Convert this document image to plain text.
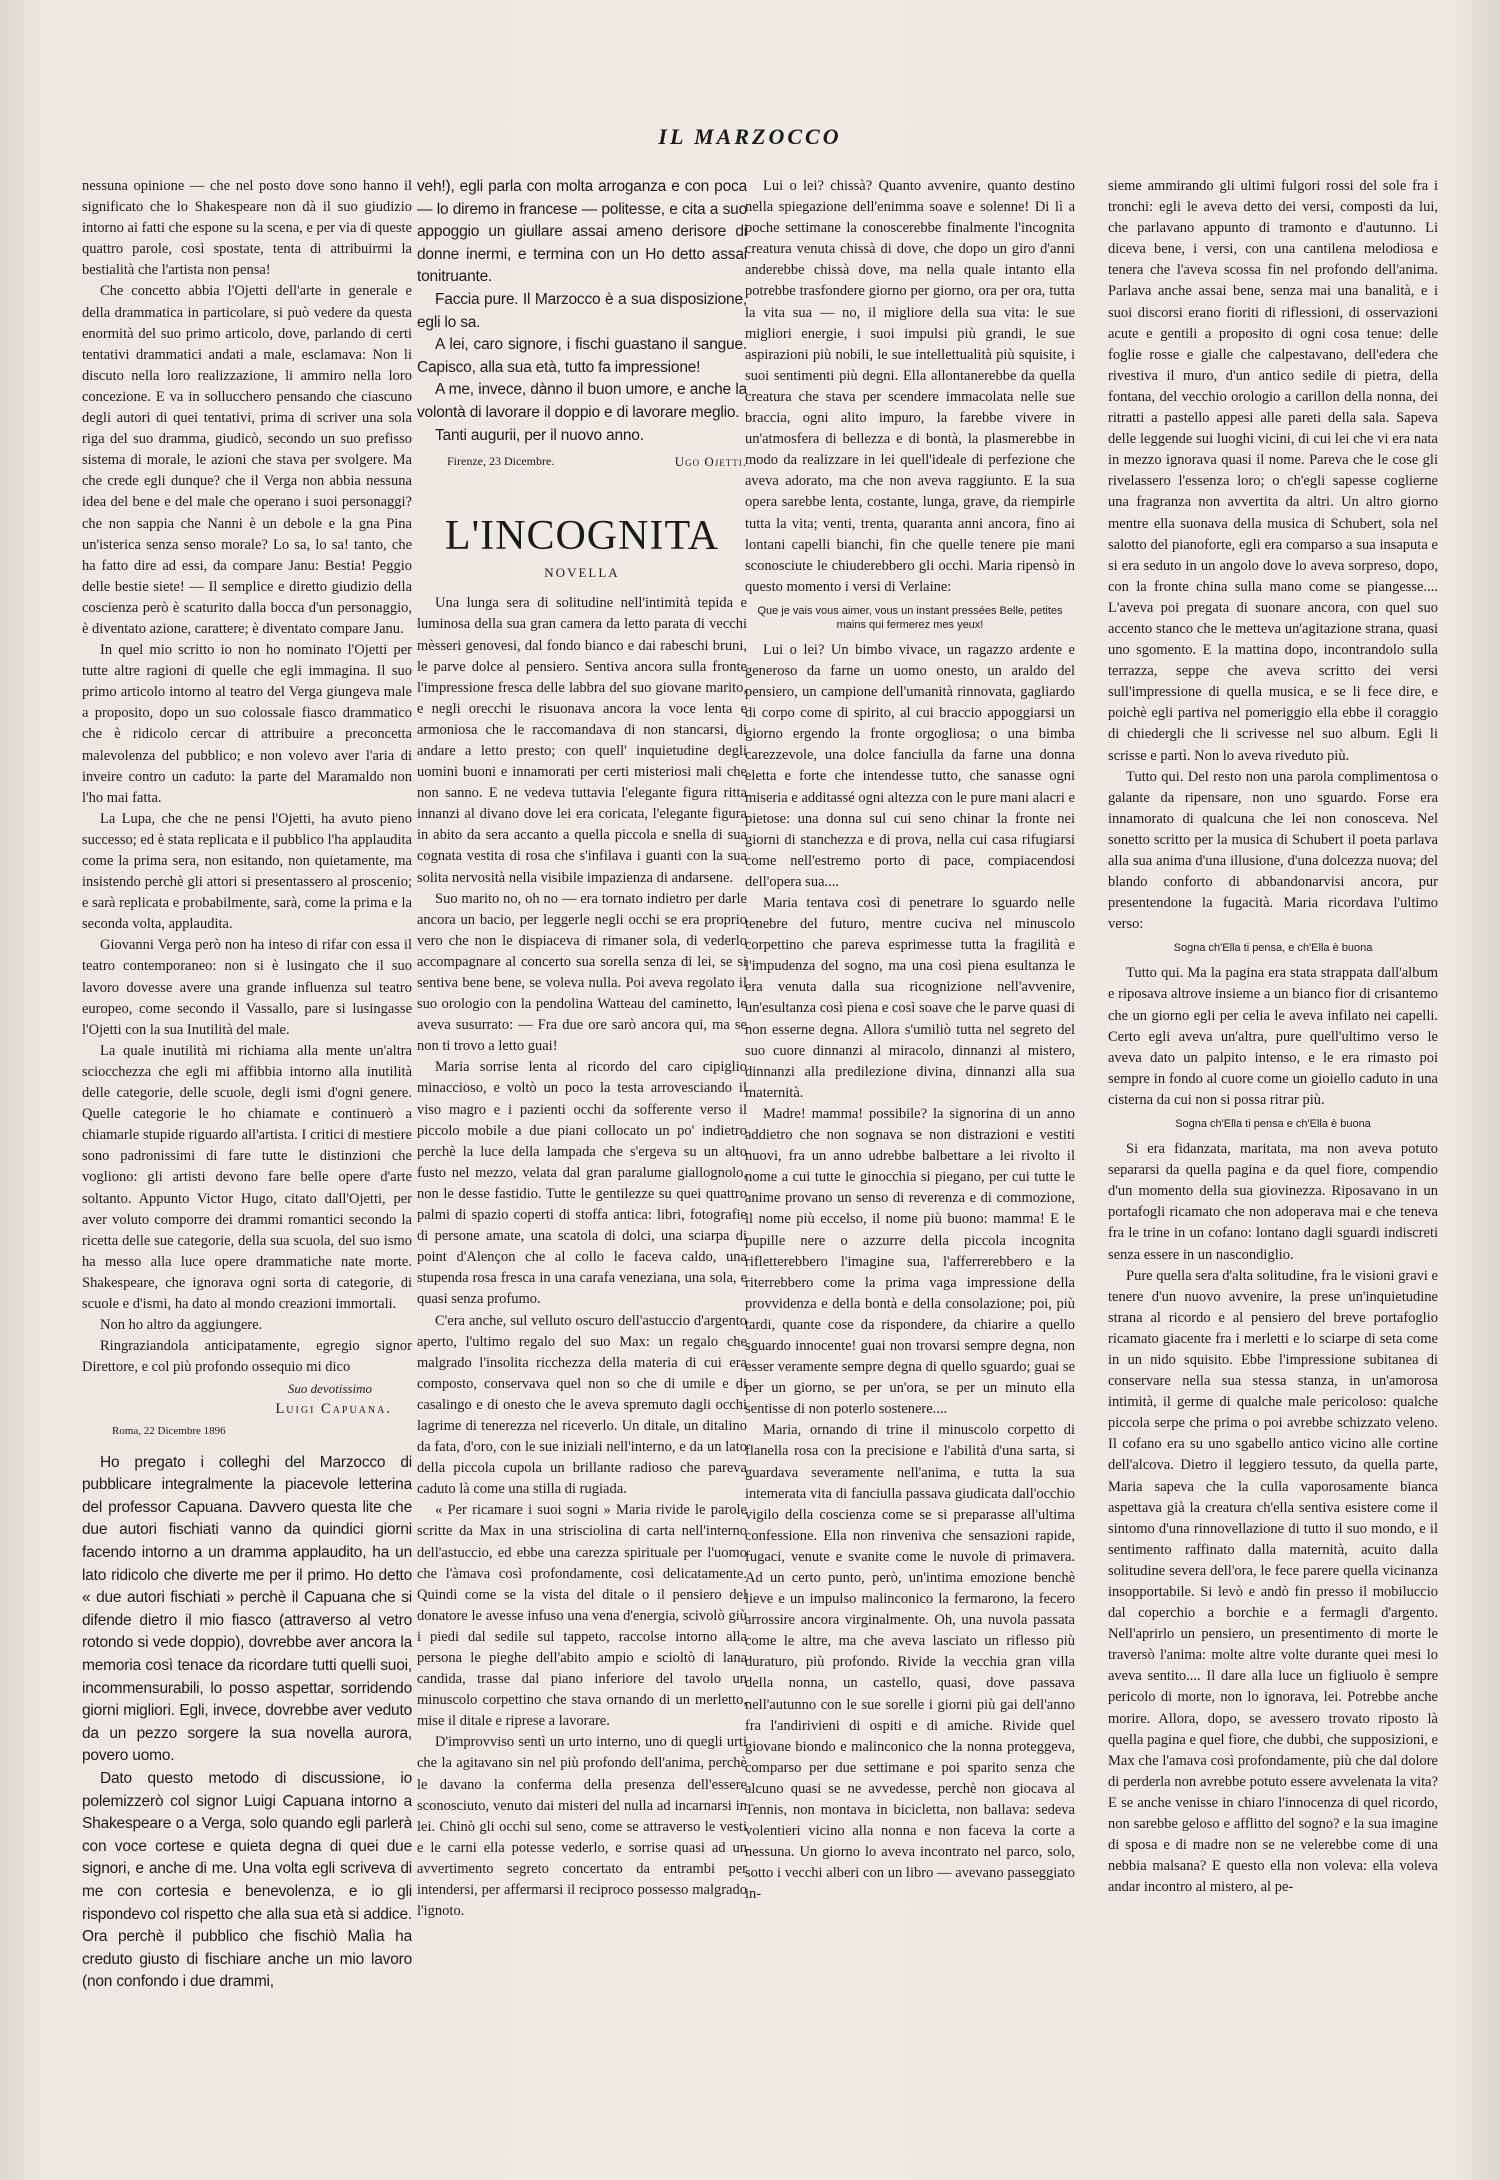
IL MARZOCCO

nessuna opinione — che nel posto dove sono hanno il significato che lo Shakespeare non dà il suo giudizio intorno ai fatti che espone su la scena, e per via di queste quattro parole, così spostate, tenta di attribuirmi la bestialità che l'artista non pensa!

Che concetto abbia l'Ojetti dell'arte in generale e della drammatica in particolare, si può vedere da questa enormità del suo primo articolo, dove, parlando di certi tentativi drammatici andati a male, esclamava: Non li discuto nella loro realizzazione, li ammiro nella loro concezione. E va in sollucchero pensando che ciascuno degli autori di quei tentativi, prima di scriver una sola riga del suo dramma, giudicò, secondo un suo prefisso sistema di morale, le azioni che stava per svolgere. Ma che crede egli dunque? che il Verga non abbia nessuna idea del bene e del male che operano i suoi personaggi? che non sappia che Nanni è un debole e la gna Pina un'isterica senza senso morale? Lo sa, lo sa! tanto, che ha fatto dire ad essi, da compare Janu: Bestia! Peggio delle bestie siete! — Il semplice e diretto giudizio della coscienza però è scaturito dalla bocca d'un personaggio, è diventato azione, carattere; è diventato compare Janu.

In quel mio scritto io non ho nominato l'Ojetti per tutte altre ragioni di quelle che egli immagina. Il suo primo articolo intorno al teatro del Verga giungeva male a proposito, dopo un suo colossale fiasco drammatico che è ridicolo cercar di attribuire a preconcetta malevolenza del pubblico; e non volevo aver l'aria di inveire contro un caduto: la parte del Maramaldo non l'ho mai fatta.

La Lupa, che che ne pensi l'Ojetti, ha avuto pieno successo; ed è stata replicata e il pubblico l'ha applaudita come la prima sera, non esitando, non quietamente, ma insistendo perchè gli attori si presentassero al proscenio; e sarà replicata e probabilmente, sarà, come la prima e la seconda volta, applaudita.

Giovanni Verga però non ha inteso di rifar con essa il teatro contemporaneo: non si è lusingato che il suo lavoro dovesse avere una grande influenza sul teatro europeo, come secondo il Vassallo, pare si lusingasse l'Ojetti con la sua Inutilità del male.

La quale inutilità mi richiama alla mente un'altra sciocchezza che egli mi affibbia intorno alla inutilità delle categorie, delle scuole, degli ismi d'ogni genere. Quelle categorie le ho chiamate e continuerò a chiamarle stupide riguardo all'artista. I critici di mestiere sono padronissimi di fare tutte le distinzioni che vogliono: gli artisti devono fare belle opere d'arte soltanto. Appunto Victor Hugo, citato dall'Ojetti, per aver voluto comporre dei drammi romantici secondo la ricetta delle sue categorie, della sua scuola, del suo ismo ha messo alla luce opere drammatiche nate morte. Shakespeare, che ignorava ogni sorta di categorie, di scuole e d'ismi, ha dato al mondo creazioni immortali.

Non ho altro da aggiungere.

Ringraziandola anticipatamente, egregio signor Direttore, e col più profondo ossequio mi dico

Suo devotissimo
Luigi Capuana.
Roma, 22 Dicembre 1896

Ho pregato i colleghi del Marzocco di pubblicare integralmente la piacevole letterina del professor Capuana. Davvero questa lite che due autori fischiati vanno da quindici giorni facendo intorno a un dramma applaudito, ha un lato ridicolo che diverte me per il primo. Ho detto « due autori fischiati » perchè il Capuana che si difende dietro il mio fiasco (attraverso al vetro rotondo si vede doppio), dovrebbe aver ancora la memoria così tenace da ricordare tutti quelli suoi, incommensurabili, lo posso aspettar, sorridendo giorni migliori. Egli, invece, dovrebbe aver veduto da un pezzo sorgere la sua novella aurora, povero uomo.

Dato questo metodo di discussione, io polemizzerò col signor Luigi Capuana intorno a Shakespeare o a Verga, solo quando egli parlerà con voce cortese e quieta degna di quei due signori, e anche di me. Una volta egli scriveva di me con cortesia e benevolenza, e io gli rispondevo col rispetto che alla sua età si addice. Ora perchè il pubblico che fischiò Malìa ha creduto giusto di fischiare anche un mio lavoro (non confondo i due drammi,

veh!), egli parla con molta arroganza e con poca — lo diremo in francese — politesse, e cita a suo appoggio un giullare assai ameno derisore di donne inermi, e termina con un Ho detto assai tonitruante.

Faccia pure. Il Marzocco è a sua disposizione, egli lo sa.

A lei, caro signore, i fischi guastano il sangue. Capisco, alla sua età, tutto fa impressione!

A me, invece, dànno il buon umore, e anche la volontà di lavorare il doppio e di lavorare meglio.

Tanti augurii, per il nuovo anno.

Firenze, 23 Dicembre.	Ugo Ojetti.
L'INCOGNITA
NOVELLA

Una lunga sera di solitudine nell'intimità tepida e luminosa della sua gran camera da letto parata di vecchi mèsseri genovesi, dal fondo bianco e dai rabeschi bruni, le parve dolce al pensiero. Sentiva ancora sulla fronte l'impressione fresca delle labbra del suo giovane marito, e negli orecchi le risuonava ancora la voce lenta e armoniosa che le raccomandava di non stancarsi, di andare a letto presto; con quell' inquietudine degli uomini buoni e innamorati per certi misteriosi mali che non sanno. E ne vedeva tuttavia l'elegante figura ritta innanzi al divano dove lei era coricata, l'elegante figura in abito da sera accanto a quella piccola e snella di sua cognata vestita di rosa che s'infilava i guanti con la sua solita nervosità nella visibile impazienza di andarsene.

Suo marito no, oh no — era tornato indietro per darle ancora un bacio, per leggerle negli occhi se era proprio vero che non le dispiaceva di rimaner sola, di vederlo accompagnare al concerto sua sorella senza di lei, se si sentiva bene bene, se voleva nulla. Poi aveva regolato il suo orologio con la pendolina Watteau del caminetto, le aveva susurrato: — Fra due ore sarò ancora qui, ma se non ti trovo a letto guai!

Maria sorrise lenta al ricordo del caro cipiglio minaccioso, e voltò un poco la testa arrovesciando il viso magro e i pazienti occhi da sofferente verso il piccolo mobile a due piani collocato un po' indietro perchè la luce della lampada che s'ergeva su un alto fusto nel mezzo, velata dal gran paralume giallognolo, non le desse fastidio. Tutte le gentilezze su quei quattro palmi di spazio coperti di stoffa antica: libri, fotografie di persone amate, una scatola di dolci, una sciarpa di point d'Alençon che al collo le faceva caldo, una stupenda rosa fresca in una carafa veneziana, una sola, e quasi senza profumo.

C'era anche, sul velluto oscuro dell'astuccio d'argento aperto, l'ultimo regalo del suo Max: un regalo che malgrado l'insolita ricchezza della materia di cui era composto, conservava quel non so che di umile e di casalingo e di onesto che le aveva spremuto dagli occhi lagrime di tenerezza nel riceverlo. Un ditale, un ditalino da fata, d'oro, con le sue iniziali nell'interno, e da un lato della piccola cupola un brillante radioso che pareva caduto là come una stilla di rugiada.

« Per ricamare i suoi sogni » Maria rivide le parole scritte da Max in una strisciolina di carta nell'interno dell'astuccio, ed ebbe una carezza spirituale per l'uomo che l'àmava così profondamente, così delicatamente. Quindi come se la vista del ditale o il pensiero del donatore le avesse infuso una vena d'energia, scivolò giù i piedi dal sedile sul tappeto, raccolse intorno alla persona le pieghe dell'abito ampio e scioltò di lana candida, trasse dal piano inferiore del tavolo un minuscolo corpettino che stava ornando di un merletto, mise il ditale e riprese a lavorare.

D'improvviso sentì un urto interno, uno di quegli urti che la agitavano sin nel più profondo dell'anima, perchè le davano la conferma della presenza dell'essere sconosciuto, venuto dai misteri del nulla ad incarnarsi in lei. Chinò gli occhi sul seno, come se attraverso le vesti e le carni ella potesse vederlo, e sorrise quasi ad un avvertimento segreto concertato da entrambi per intendersi, per affermarsi il reciproco possesso malgrado l'ignoto.

Lui o lei? chissà? Quanto avvenire, quanto destino nella spiegazione dell'enimma soave e solenne! Di lì a poche settimane la conoscerebbe finalmente l'incognita creatura venuta chissà di dove, che dopo un giro d'anni anderebbe chissà dove, ma nella quale intanto ella potrebbe trasfondere giorno per giorno, ora per ora, tutta la vita sua — no, il migliore della sua vita: le sue migliori energie, i suoi impulsi più grandi, le sue aspirazioni più nobili, le sue intellettualità più squisite, i suoi sentimenti più degni. Ella allontanerebbe da quella creatura che stava per scendere immacolata nelle sue braccia, ogni alito impuro, la farebbe vivere in un'atmosfera di bellezza e di bontà, la plasmerebbe in modo da realizzare in lei quell'ideale di perfezione che aveva adorato, ma che non aveva raggiunto. E la sua opera sarebbe lenta, costante, lunga, grave, da riempirle tutta la vita; venti, trenta, quaranta anni ancora, fino ai lontani capelli bianchi, fin che quelle tenere pie mani sconosciute le chiuderebbero gli occhi. Maria ripensò in questo momento i versi di Verlaine:

Que je vais vous aimer, vous un instant pressées Belle, petites mains qui fermerez mes yeux!

Lui o lei? Un bimbo vivace, un ragazzo ardente e generoso da farne un uomo onesto, un araldo del pensiero, un campione dell'umanità rinnovata, gagliardo di corpo come di spirito, al cui braccio appoggiarsi un giorno ergendo la fronte orgogliosa; o una bimba carezzevole, una dolce fanciulla da farne una donna eletta e forte che intendesse tutto, che sanasse ogni miseria e additassé ogni altezza con le pure mani alacri e pietose: una donna sul cui seno chinar la fronte nei giorni di stanchezza e di prova, nella cui casa rifugiarsi come nell'estremo porto di pace, compiacendosi dell'opera sua....

Maria tentava così di penetrare lo sguardo nelle tenebre del futuro, mentre cuciva nel minuscolo corpettino che pareva esprimesse tutta la fragilità e l'impudenza del sogno, ma una così piena esultanza le era venuta dalla sua ricognizione nell'avvenire, un'esultanza così piena e così soave che le parve quasi di non esserne degna. Allora s'umiliò tutta nel segreto del suo cuore dinnanzi al miracolo, dinnanzi al mistero, dinnanzi alla predilezione divina, dinnanzi alla sua maternità.

Madre! mamma! possibile? la signorina di un anno addietro che non sognava se non distrazioni e vestiti nuovi, fra un anno udrebbe balbettare a lei rivolto il nome a cui tutte le ginocchia si piegano, per cui tutte le anime provano un senso di reverenza e di commozione, il nome più eccelso, il nome più buono: mamma! E le pupille nere o azzurre della piccola incognita rifletterebbero l'imagine sua, l'afferrerebbero e la riterrebbero come la prima vaga impressione della provvidenza e della bontà e della consolazione; poi, più tardi, quante cose da rispondere, da chiarire a quello sguardo innocente! guai non trovarsi sempre degna, non esser veramente sempre degna di quello sguardo; guai se per un giorno, se per un'ora, se per un minuto ella sentisse di non poterlo sostenere....

Maria, ornando di trine il minuscolo corpetto di flanella rosa con la precisione e l'abilità d'una sarta, si guardava severamente nell'anima, e tutta la sua intemerata vita di fanciulla passava giudicata dall'occhio vigilo della coscienza come se si preparasse all'ultima confessione. Ella non rinveniva che sensazioni rapide, fugaci, venute e svanite come le nuvole di primavera. Ad un certo punto, però, un'intima emozione benchè lieve e un impulso malinconico la fermarono, la fecero arrossire ancora virginalmente. Oh, una nuvola passata come le altre, ma che aveva lasciato un riflesso più duraturo, più profondo. Rivide la vecchia gran villa della nonna, un castello, quasi, dove passava nell'autunno con le sue sorelle i giorni più gai dell'anno fra l'andirivieni di ospiti e di amiche. Rivide quel giovane biondo e malinconico che la nonna proteggeva, comparso per due settimane e poi sparito senza che alcuno quasi se ne avvedesse, perchè non giocava al Tennis, non montava in bicicletta, non ballava: sedeva volentieri vicino alla nonna e non faceva la corte a nessuna. Un giorno lo aveva incontrato nel parco, solo, sotto i vecchi alberi con un libro — avevano passeggiato in-

sieme ammirando gli ultimi fulgori rossi del sole fra i tronchi: egli le aveva detto dei versi, composti da lui, che parlavano appunto di tramonto e d'autunno. Li diceva bene, i versi, con una cantilena melodiosa e tenera che l'aveva scossa fin nel profondo dell'anima. Parlava anche assai bene, senza mai una banalità, e i suoi discorsi erano fioriti di riflessioni, di osservazioni acute e gentili a proposito di ogni cosa tenue: delle foglie rosse e gialle che calpestavano, dell'edera che rivestiva il muro, d'un antico sedile di pietra, della fontana, del vecchio orologio a carillon della nonna, dei ritratti a pastello appesi alle pareti della sala. Sapeva delle leggende sui luoghi vicini, di cui lei che vi era nata in mezzo ignorava quasi il nome. Pareva che le cose gli rivelassero l'essenza loro; o ch'egli sapesse coglierne una fragranza non avvertita da altri. Un altro giorno mentre ella suonava della musica di Schubert, sola nel salotto del pianoforte, egli era comparso a sua insaputa e si era seduto in un angolo dove lo aveva sorpreso, dopo, con la fronte china sulla mano come se piangesse.... L'aveva poi pregata di suonare ancora, con quel suo accento stanco che le metteva un'agitazione strana, quasi uno sgomento. E la mattina dopo, incontrandolo sulla terrazza, seppe che aveva scritto dei versi sull'impressione di quella musica, e se li fece dire, e poichè egli partiva nel pomeriggio ella ebbe il coraggio di chiedergli che li scrivesse nel suo album. Egli li scrisse e partì. Non lo aveva riveduto più.

Tutto qui. Del resto non una parola complimentosa o galante da ripensare, non uno sguardo. Forse era innamorato di qualcuna che lei non conosceva. Nel sonetto scritto per la musica di Schubert il poeta parlava alla sua anima d'una illusione, d'una dolcezza nuova; del blando conforto di abbandonarvisi ancora, pur presentendone la fugacità. Maria ricordava l'ultimo verso:

Sogna ch'Ella ti pensa, e ch'Ella è buona

Tutto qui. Ma la pagina era stata strappata dall'album e riposava altrove insieme a un bianco fior di crisantemo che un giorno egli per celia le aveva infilato nei capelli. Certo egli aveva un'altra, pure quell'ultimo verso le aveva dato un palpito intenso, e le era rimasto poi sempre in fondo al cuore come un gioiello caduto in una cisterna da cui non si possa ritrar più.

Sogna ch'Ella ti pensa e ch'Ella è buona

Si era fidanzata, maritata, ma non aveva potuto separarsi da quella pagina e da quel fiore, compendio d'un momento della sua giovinezza. Riposavano in un portafogli ricamato che non adoperava mai e che teneva fra le trine in un cofano: lontano dagli sguardi indiscreti senza essere in un nascondiglio.

Pure quella sera d'alta solitudine, fra le visioni gravi e tenere d'un nuovo avvenire, la prese un'inquietudine strana al ricordo e al pensiero del breve portafoglio ricamato giacente fra i merletti e lo sciarpe di seta come in un nido squisito. Ebbe l'impressione subitanea di conservare nella sua stessa stanza, in un'amorosa intimità, il germe di qualche male pericoloso: qualche piccola serpe che prima o poi avrebbe schizzato veleno. Il cofano era su uno sgabello antico vicino alle cortine dell'alcova. Dietro il leggiero tessuto, da quella parte, Maria sapeva che la culla vaporosamente bianca aspettava già la creatura ch'ella sentiva esistere come il sintomo d'una rinnovellazione di tutto il suo mondo, e il sentimento raffinato dalla maternità, acuito dalla solitudine severa dell'ora, le fece parere quella vicinanza insopportabile. Si levò e andò fin presso il mobiluccio dal coperchio a borchie e a fermagli d'argento. Nell'aprirlo un pensiero, un presentimento di morte le traversò l'anima: molte altre volte durante quei mesi lo aveva sentito.... Il dare alla luce un figliuolo è sempre pericolo di morte, non lo ignorava, lei. Potrebbe anche morire. Allora, dopo, se avessero trovato riposto là quella pagina e quel fiore, che dubbi, che supposizioni, e Max che l'amava così profondamente, più che dal dolore di perderla non avrebbe potuto essere avvelenata la vita? E se anche venisse in chiaro l'innocenza di quel ricordo, non sarebbe geloso e afflitto del sogno? e la sua imagine di sposa e di madre non se ne velerebbe come di una nebbia malsana? E questo ella non voleva: ella voleva andar incontro al mistero, al pe-
